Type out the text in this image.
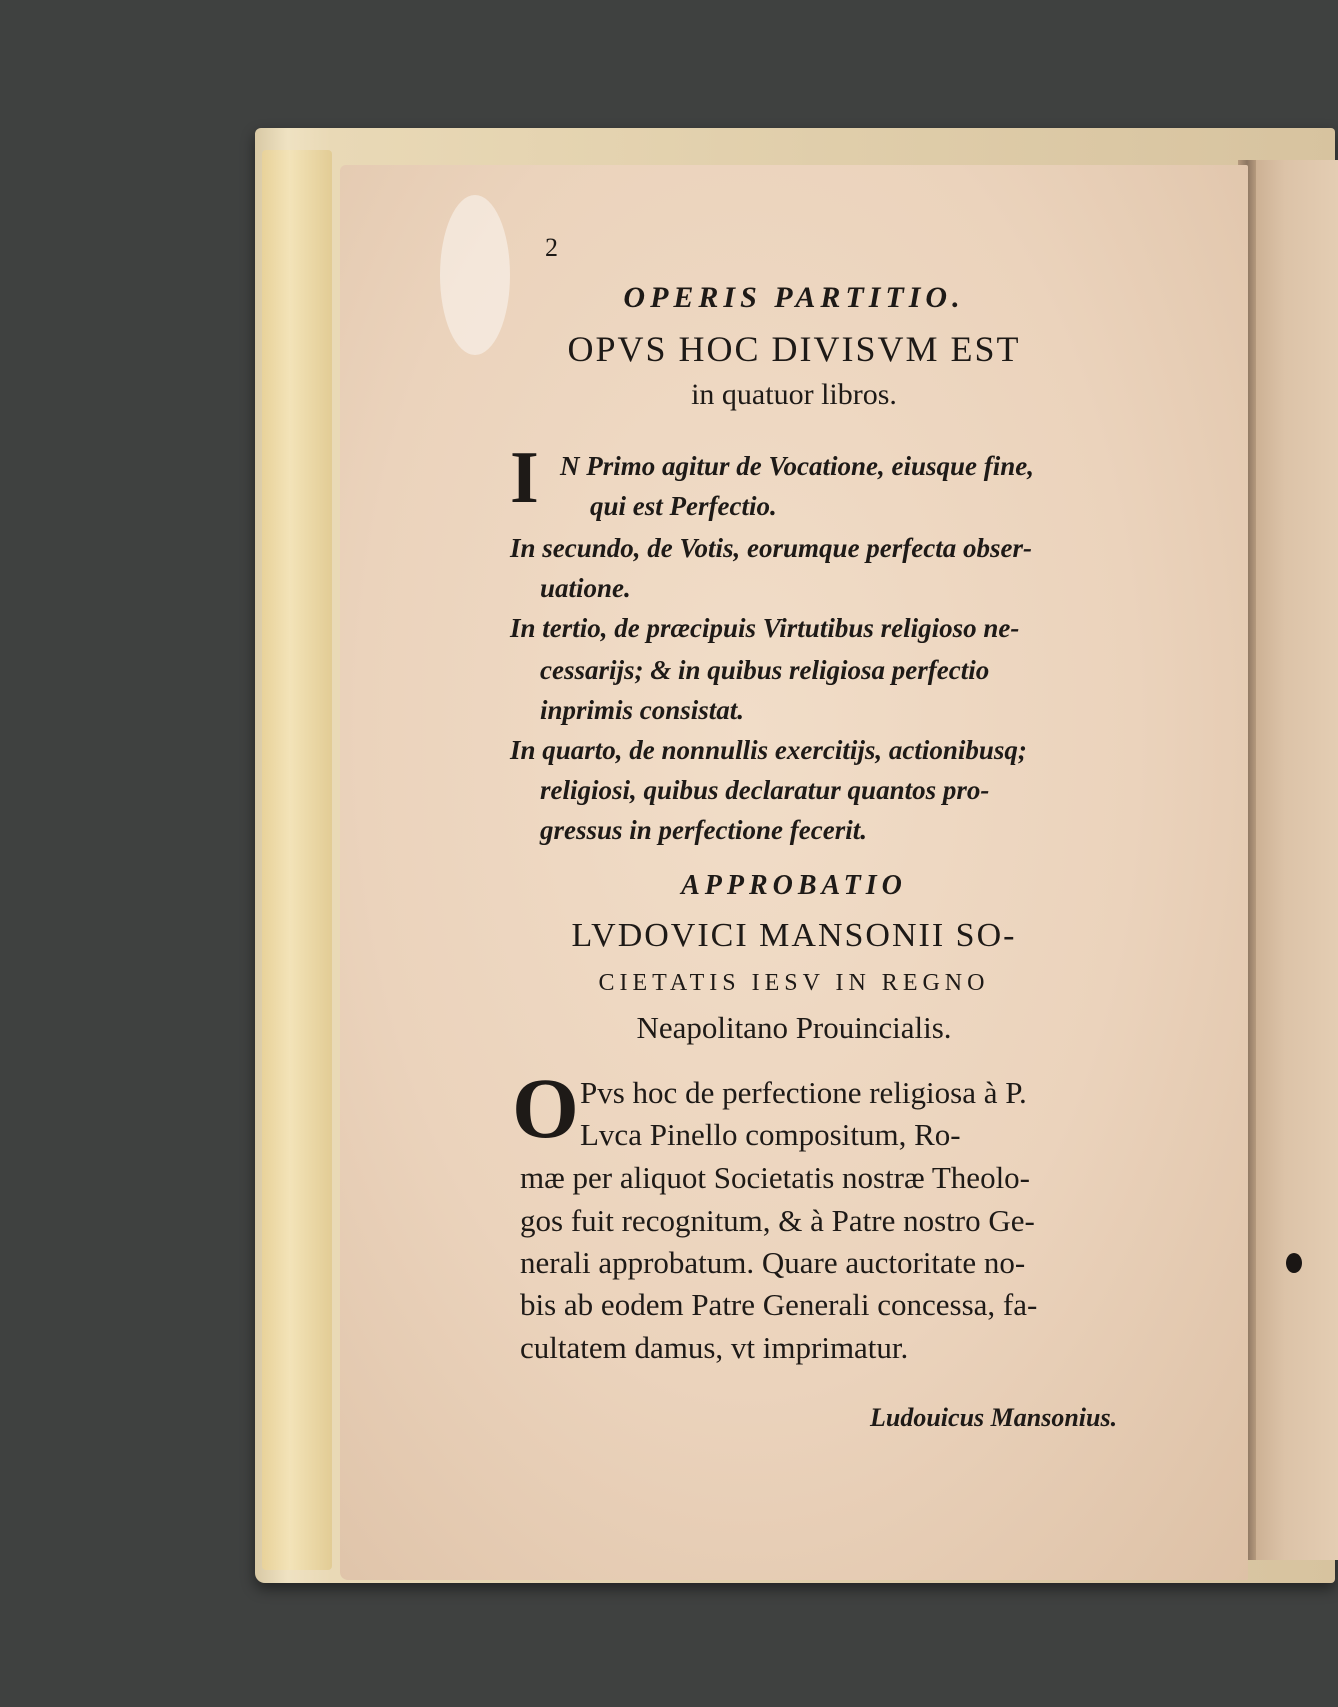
2
OPERIS PARTITIO.
OPVS HOC DIVISVM EST
in quatuor libros.
I N Primo agitur de Vocatione, eiusque fine,
qui est Perfectio.
In secundo, de Votis, eorumque perfecta obser-
uatione.
In tertio, de præcipuis Virtutibus religioso ne-
cessarijs; & in quibus religiosa perfectio
inprimis consistat.
In quarto, de nonnullis exercitijs, actionibusq;
religiosi, quibus declaratur quantos pro-
gressus in perfectione fecerit.
APPROBATIO
LVDOVICI MANSONII SO-
CIETATIS IESV IN REGNO
Neapolitano Prouincialis.
O Pvs hoc de perfectione religiosa à P.
Lvca Pinello compositum, Ro-
mæ per aliquot Societatis nostræ Theolo-
gos fuit recognitum, & à Patre nostro Ge-
nerali approbatum. Quare auctoritate no-
bis ab eodem Patre Generali concessa, fa-
cultatem damus, vt imprimatur.
Ludouicus Mansonius.
